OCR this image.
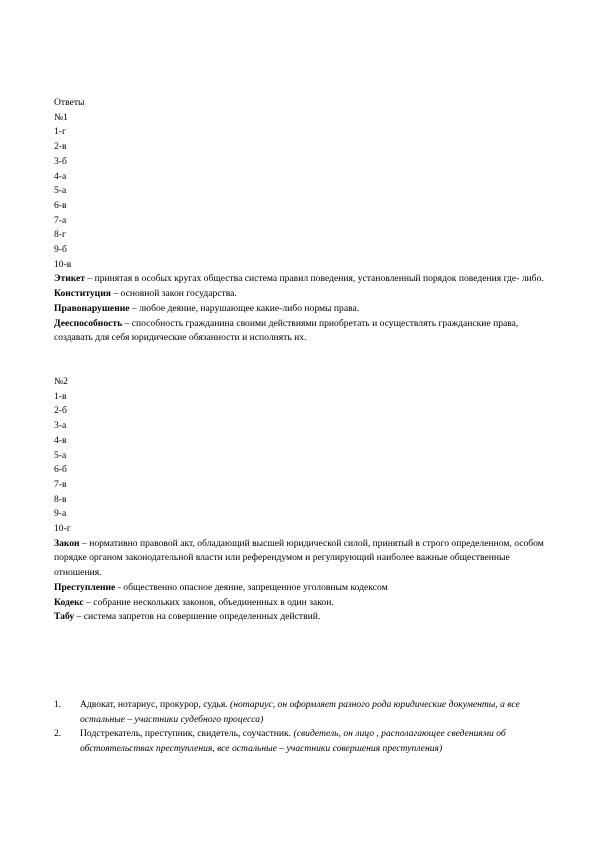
Ответы
№1
1-г
2-в
3-б
4-а
5-а
6-в
7-а
8-г
9-б
10-в
Этикет – принятая в особых кругах общества система правил поведения, установленный порядок поведения где- либо.
Конституция – основной закон государства.
Правонарушение – любое деяние, нарушающее какие-либо нормы права.
Дееспособность – способность гражданина своими действиями приобретать и осуществлять гражданские права, создавать для себя юридические обязанности и исполнять их.
№2
1-в
2-б
3-а
4-в
5-а
6-б
7-в
8-в
9-а
10-г
Закон – нормативно правовой акт, обладающий высшей юридической силой, принятый в строго определенном, особом порядке органом законодательной власти или референдумом и регулирующий наиболее важные общественные отношения.
Преступление - общественно опасное деяние, запрещенное уголовным кодексом
Кодекс – собрание нескольких законов, объединенных в один закон.
Табу – система запретов на совершение определенных действий.
1. Адвокат, нотариус, прокурор, судья. (нотариус, он оформляет разного рода юридические документы, а все остальные – участники судебного процесса)
2. Подстрекатель, преступник, свидетель, соучастник. (свидетель, он лицо , располагающее сведениями об обстоятельствах преступления, все остальные – участники совершения преступления)
